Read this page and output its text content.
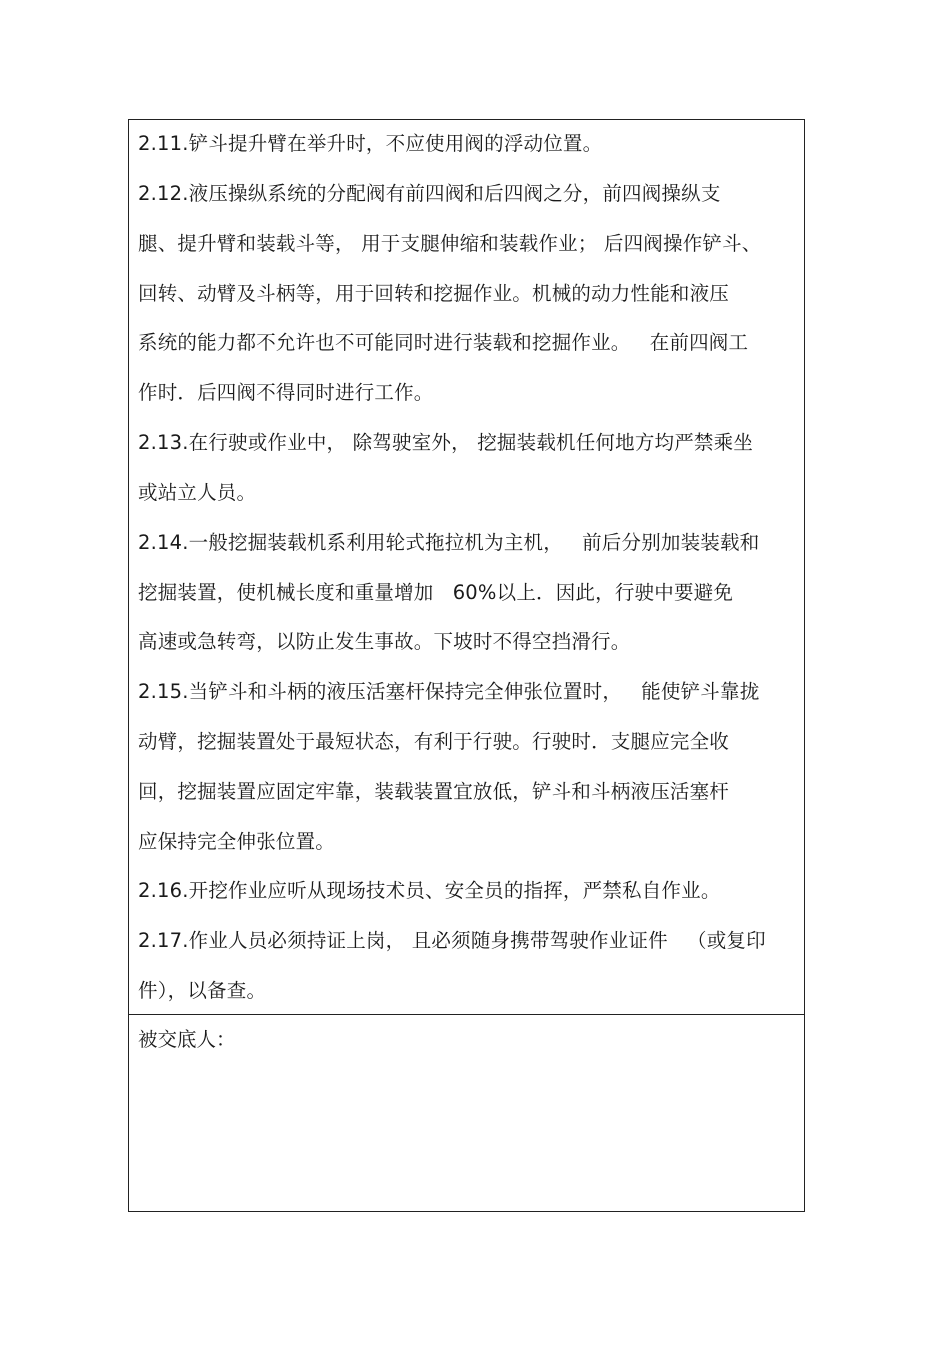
2.11.铲斗提升臂在举升时，不应使用阀的浮动位置。
2.12.液压操纵系统的分配阀有前四阀和后四阀之分，前四阀操纵支
腿、提升臂和装载斗等， 用于支腿伸缩和装载作业； 后四阀操作铲斗、
回转、动臂及斗柄等，用于回转和挖掘作业。机械的动力性能和液压
系统的能力都不允许也不可能同时进行装载和挖掘作业。   在前四阀工
作时．后四阀不得同时进行工作。
2.13.在行驶或作业中， 除驾驶室外， 挖掘装载机任何地方均严禁乘坐
或站立人员。
2.14.一般挖掘装载机系利用轮式拖拉机为主机，   前后分别加装装载和
挖掘装置，使机械长度和重量增加   60%以上．因此，行驶中要避免
高速或急转弯，以防止发生事故。下坡时不得空挡滑行。
2.15.当铲斗和斗柄的液压活塞杆保持完全伸张位置时，   能使铲斗靠拢
动臂，挖掘装置处于最短状态，有利于行驶。行驶时．支腿应完全收
回，挖掘装置应固定牢靠，装载装置宜放低，铲斗和斗柄液压活塞杆
应保持完全伸张位置。
2.16.开挖作业应听从现场技术员、安全员的指挥，严禁私自作业。
2.17.作业人员必须持证上岗， 且必须随身携带驾驶作业证件   （或复印
件），以备查。
被交底人：
